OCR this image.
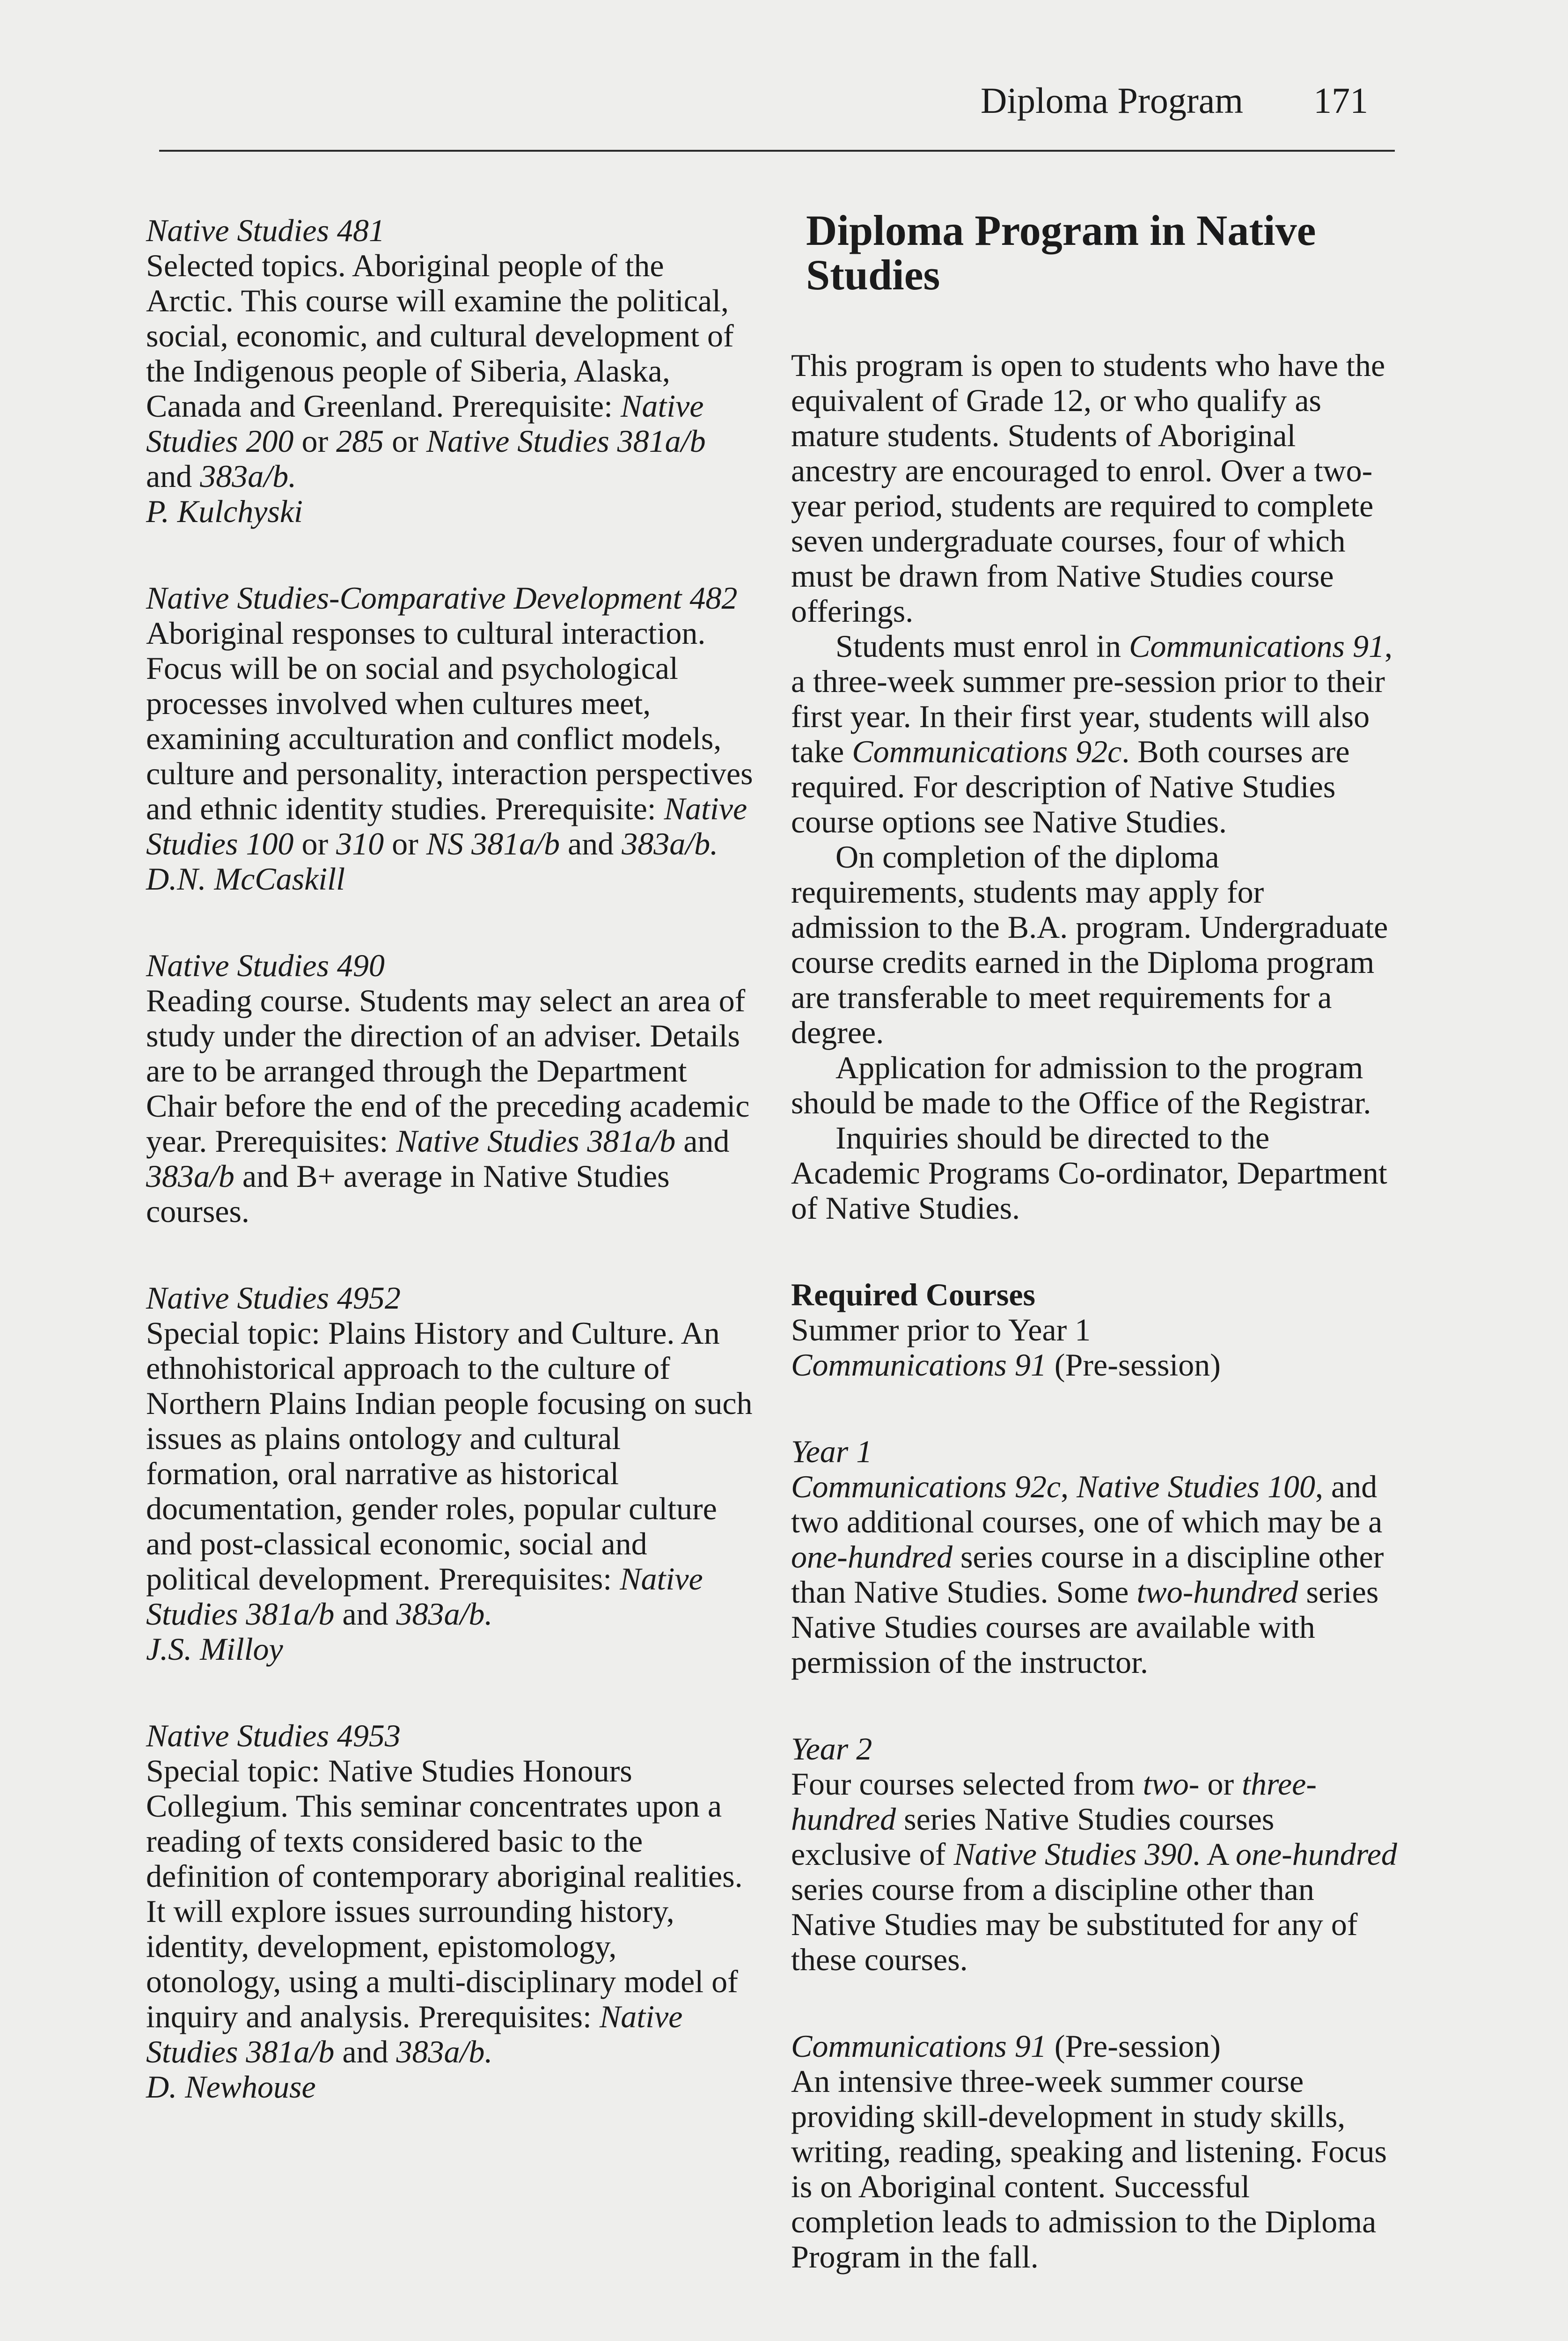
Diploma Program 171
Native Studies 481
Selected topics. Aboriginal people of the Arctic. This course will examine the political, social, economic, and cultural development of the Indigenous people of Siberia, Alaska, Canada and Greenland. Prerequisite: Native Studies 200 or 285 or Native Studies 381a/b and 383a/b.
P. Kulchyski
Native Studies-Comparative Development 482
Aboriginal responses to cultural interaction. Focus will be on social and psychological processes involved when cultures meet, examining acculturation and conflict models, culture and personality, interaction perspectives and ethnic identity studies. Prerequisite: Native Studies 100 or 310 or NS 381a/b and 383a/b.
D.N. McCaskill
Native Studies 490
Reading course. Students may select an area of study under the direction of an adviser. Details are to be arranged through the Department Chair before the end of the preceding academic year. Prerequisites: Native Studies 381a/b and 383a/b and B+ average in Native Studies courses.
Native Studies 4952
Special topic: Plains History and Culture. An ethnohistorical approach to the culture of Northern Plains Indian people focusing on such issues as plains ontology and cultural formation, oral narrative as historical documentation, gender roles, popular culture and post-classical economic, social and political development. Prerequisites: Native Studies 381a/b and 383a/b.
J.S. Milloy
Native Studies 4953
Special topic: Native Studies Honours Collegium. This seminar concentrates upon a reading of texts considered basic to the definition of contemporary aboriginal realities. It will explore issues surrounding history, identity, development, epistomology, otonology, using a multi-disciplinary model of inquiry and analysis. Prerequisites: Native Studies 381a/b and 383a/b.
D. Newhouse
Diploma Program in Native Studies

This program is open to students who have the equivalent of Grade 12, or who qualify as mature students. Students of Aboriginal ancestry are encouraged to enrol. Over a two-year period, students are required to complete seven undergraduate courses, four of which must be drawn from Native Studies course offerings.

Students must enrol in Communications 91, a three-week summer pre-session prior to their first year. In their first year, students will also take Communications 92c. Both courses are required. For description of Native Studies course options see Native Studies.

On completion of the diploma requirements, students may apply for admission to the B.A. program. Undergraduate course credits earned in the Diploma program are transferable to meet requirements for a degree.

Application for admission to the program should be made to the Office of the Registrar.

Inquiries should be directed to the Academic Programs Co-ordinator, Department of Native Studies.

Required Courses
Summer prior to Year 1
Communications 91 (Pre-session)
Year 1
Communications 92c, Native Studies 100, and two additional courses, one of which may be a one-hundred series course in a discipline other than Native Studies. Some two-hundred series Native Studies courses are available with permission of the instructor.
Year 2
Four courses selected from two- or three-hundred series Native Studies courses exclusive of Native Studies 390. A one-hundred series course from a discipline other than Native Studies may be substituted for any of these courses.
Communications 91 (Pre-session)
An intensive three-week summer course providing skill-development in study skills, writing, reading, speaking and listening. Focus is on Aboriginal content. Successful completion leads to admission to the Diploma Program in the fall.
